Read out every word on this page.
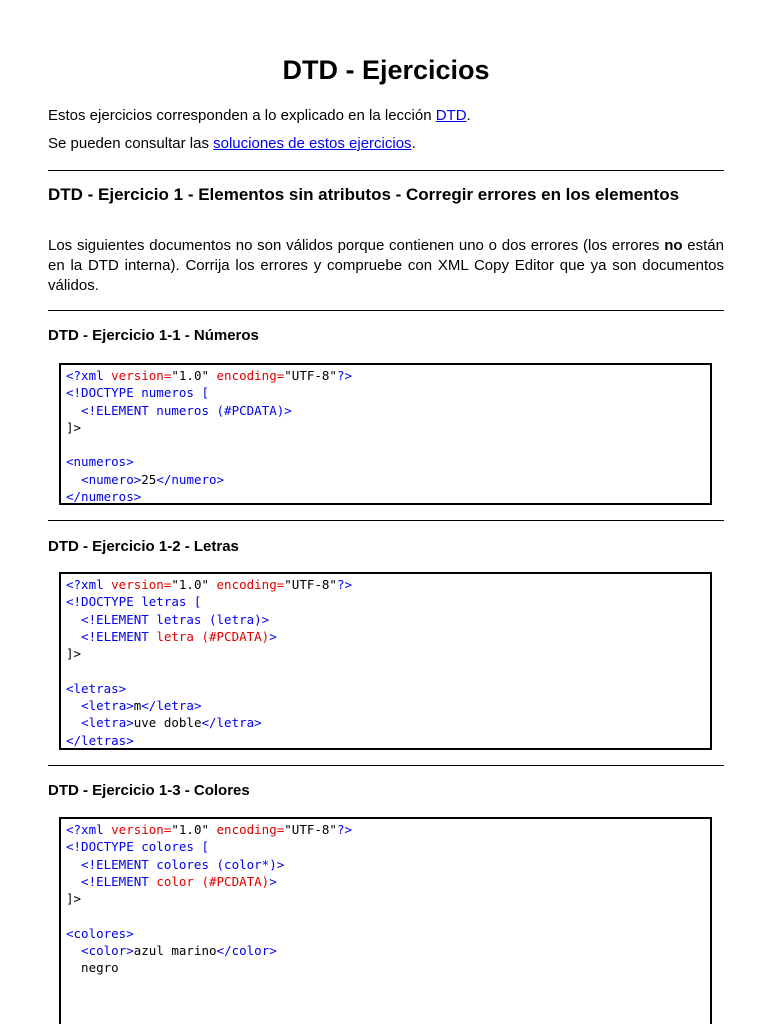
DTD - Ejercicios
Estos ejercicios corresponden a lo explicado en la lección DTD.
Se pueden consultar las soluciones de estos ejercicios.
DTD - Ejercicio 1 - Elementos sin atributos - Corregir errores en los elementos
Los siguientes documentos no son válidos porque contienen uno o dos errores (los errores no están en la DTD interna). Corrija los errores y compruebe con XML Copy Editor que ya son documentos válidos.
DTD - Ejercicio 1-1 - Números
<?xml version="1.0" encoding="UTF-8"?>
<!DOCTYPE numeros [
<!ELEMENT numeros (#PCDATA)>
]>
<numeros>
<numero>25</numero>
</numeros>
DTD - Ejercicio 1-2 - Letras
<?xml version="1.0" encoding="UTF-8"?>
<!DOCTYPE letras [
<!ELEMENT letras (letra)>
<!ELEMENT letra (#PCDATA)>
]>
<letras>
<letra>m</letra>
<letra>uve doble</letra>
</letras>
DTD - Ejercicio 1-3 - Colores
<?xml version="1.0" encoding="UTF-8"?>
<!DOCTYPE colores [
<!ELEMENT colores (color*)>
<!ELEMENT color (#PCDATA)>
]>
<colores>
<color>azul marino</color>
negro
